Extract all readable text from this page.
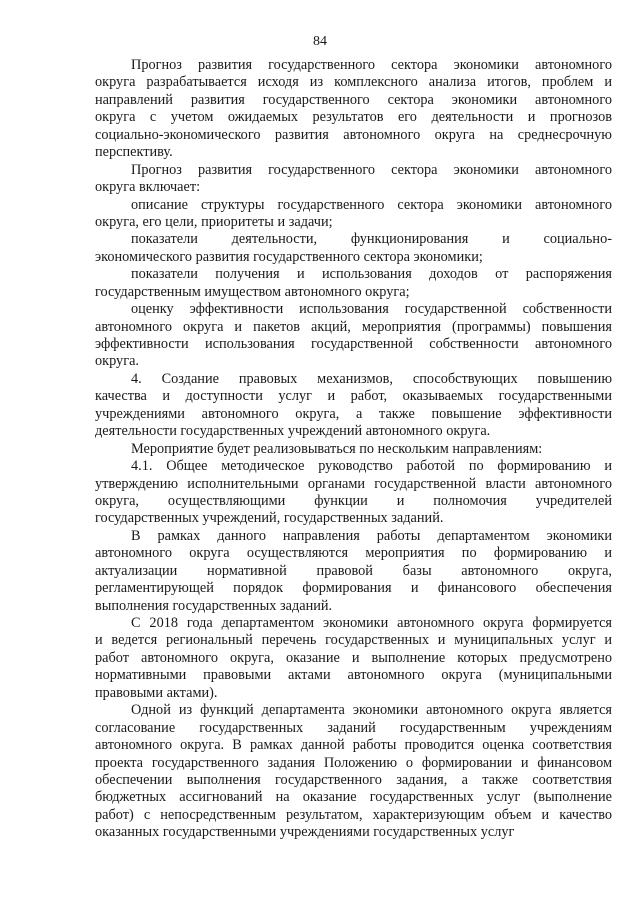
84
Прогноз развития государственного сектора экономики автономного
округа разрабатывается исходя из комплексного анализа итогов, проблем и
направлений развития государственного сектора экономики автономного
округа с учетом ожидаемых результатов его деятельности и прогнозов
социально-экономического развития автономного округа на среднесрочную
перспективу.
Прогноз развития государственного сектора экономики автономного
округа включает:
описание структуры государственного сектора экономики автономного
округа, его цели, приоритеты и задачи;
показатели деятельности, функционирования и социально-
экономического развития государственного сектора экономики;
показатели получения и использования доходов от распоряжения
государственным имуществом автономного округа;
оценку эффективности использования государственной собственности
автономного округа и пакетов акций, мероприятия (программы) повышения
эффективности использования государственной собственности автономного
округа.
4. Создание правовых механизмов, способствующих повышению
качества и доступности услуг и работ, оказываемых государственными
учреждениями автономного округа, а также повышение эффективности
деятельности государственных учреждений автономного округа.
Мероприятие будет реализовываться по нескольким направлениям:
4.1. Общее методическое руководство работой по формированию и
утверждению исполнительными органами государственной власти автономного
округа, осуществляющими функции и полномочия учредителей
государственных учреждений, государственных заданий.
В рамках данного направления работы департаментом экономики
автономного округа осуществляются мероприятия по формированию и
актуализации нормативной правовой базы автономного округа,
регламентирующей порядок формирования и финансового обеспечения
выполнения государственных заданий.
С 2018 года департаментом экономики автономного округа формируется
и ведется региональный перечень государственных и муниципальных услуг и
работ автономного округа, оказание и выполнение которых предусмотрено
нормативными правовыми актами автономного округа (муниципальными
правовыми актами).
Одной из функций департамента экономики автономного округа является
согласование государственных заданий государственным учреждениям
автономного округа. В рамках данной работы проводится оценка соответствия
проекта государственного задания Положению о формировании и финансовом
обеспечении выполнения государственного задания, а также соответствия
бюджетных ассигнований на оказание государственных услуг (выполнение
работ) с непосредственным результатом, характеризующим объем и качество
оказанных государственными учреждениями государственных услуг
